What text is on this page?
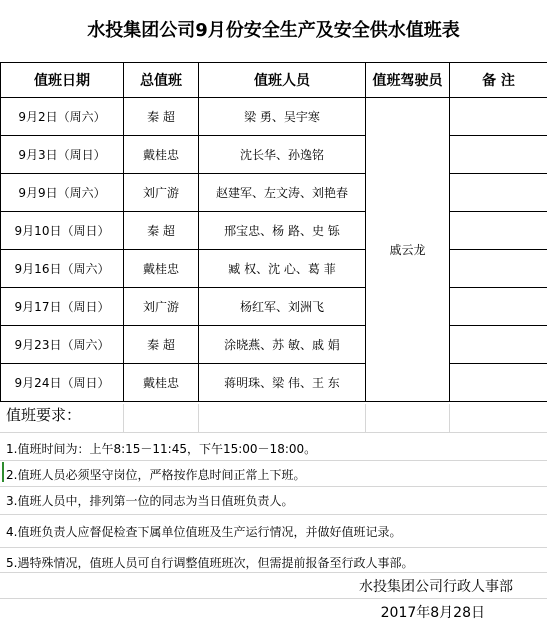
水投集团公司9月份安全生产及安全供水值班表
值班日期	总值班	值班人员	值班驾驶员	备 注
9月2日（周六）	秦 超	梁 勇、吴宇寒	戚云龙	
9月3日（周日）	戴桂忠	沈长华、孙逸铭		
9月9日（周六）	刘广游	赵建军、左文涛、刘艳春		
9月10日（周日）	秦 超	邢宝忠、杨 路、史 铄		
9月16日（周六）	戴桂忠	臧 权、沈 心、葛 菲		
9月17日（周日）	刘广游	杨红军、刘洲飞		
9月23日（周六）	秦 超	涂晓燕、苏 敏、戚 娟		
9月24日（周日）	戴桂忠	蒋明珠、梁 伟、王 东		
值班要求：
1.值班时间为：上午8:15－11:45，下午15:00－18:00。
2.值班人员必须坚守岗位，严格按作息时间正常上下班。
3.值班人员中，排列第一位的同志为当日值班负责人。
4.值班负责人应督促检查下属单位值班及生产运行情况，并做好值班记录。
5.遇特殊情况，值班人员可自行调整值班班次，但需提前报备至行政人事部。
水投集团公司行政人事部
2017年8月28日
